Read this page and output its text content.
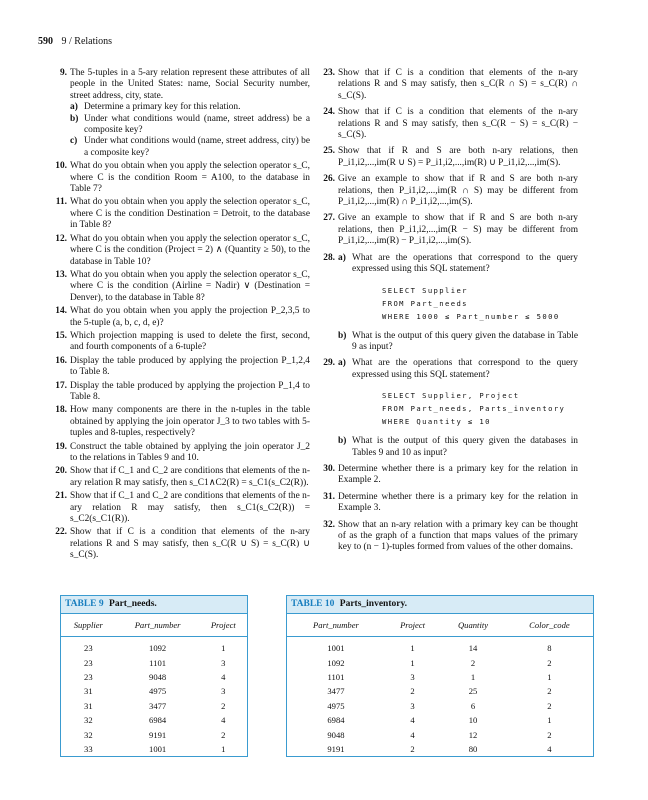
590 9 / Relations
9. The 5-tuples in a 5-ary relation represent these attributes of all people in the United States: name, Social Security number, street address, city, state.
a) Determine a primary key for this relation.
b) Under what conditions would (name, street address) be a composite key?
c) Under what conditions would (name, street address, city) be a composite key?
10. What do you obtain when you apply the selection operator s_C, where C is the condition Room = A100, to the database in Table 7?
11. What do you obtain when you apply the selection operator s_C, where C is the condition Destination = Detroit, to the database in Table 8?
12. What do you obtain when you apply the selection operator s_C, where C is the condition (Project = 2) ∧ (Quantity ≥ 50), to the database in Table 10?
13. What do you obtain when you apply the selection operator s_C, where C is the condition (Airline = Nadir) ∨ (Destination = Denver), to the database in Table 8?
14. What do you obtain when you apply the projection P_2,3,5 to the 5-tuple (a, b, c, d, e)?
15. Which projection mapping is used to delete the first, second, and fourth components of a 6-tuple?
16. Display the table produced by applying the projection P_1,2,4 to Table 8.
17. Display the table produced by applying the projection P_1,4 to Table 8.
18. How many components are there in the n-tuples in the table obtained by applying the join operator J_3 to two tables with 5-tuples and 8-tuples, respectively?
19. Construct the table obtained by applying the join operator J_2 to the relations in Tables 9 and 10.
20. Show that if C_1 and C_2 are conditions that elements of the n-ary relation R may satisfy, then s_C1∧C2(R) = s_C1(s_C2(R)).
21. Show that if C_1 and C_2 are conditions that elements of the n-ary relation R may satisfy, then s_C1(s_C2(R)) = s_C2(s_C1(R)).
22. Show that if C is a condition that elements of the n-ary relations R and S may satisfy, then s_C(R ∪ S) = s_C(R) ∪ s_C(S).
23. Show that if C is a condition that elements of the n-ary relations R and S may satisfy, then s_C(R ∩ S) = s_C(R) ∩ s_C(S).
24. Show that if C is a condition that elements of the n-ary relations R and S may satisfy, then s_C(R − S) = s_C(R) − s_C(S).
25. Show that if R and S are both n-ary relations, then P_i1,i2,...,im(R ∪ S) = P_i1,i2,...,im(R) ∪ P_i1,i2,...,im(S).
26. Give an example to show that if R and S are both n-ary relations, then P_i1,i2,...,im(R ∩ S) may be different from P_i1,i2,...,im(R) ∩ P_i1,i2,...,im(S).
27. Give an example to show that if R and S are both n-ary relations, then P_i1,i2,...,im(R − S) may be different from P_i1,i2,...,im(R) − P_i1,i2,...,im(S).
28. a) What are the operations that correspond to the query expressed using this SQL statement?
SELECT Supplier
FROM Part_needs
WHERE 1000 ≤ Part_number ≤ 5000
b) What is the output of this query given the database in Table 9 as input?
29. a) What are the operations that correspond to the query expressed using this SQL statement?
SELECT Supplier, Project
FROM Part_needs, Parts_inventory
WHERE Quantity ≤ 10
b) What is the output of this query given the databases in Tables 9 and 10 as input?
30. Determine whether there is a primary key for the relation in Example 2.
31. Determine whether there is a primary key for the relation in Example 3.
32. Show that an n-ary relation with a primary key can be thought of as the graph of a function that maps values of the primary key to (n − 1)-tuples formed from values of the other domains.
TABLE 9 Part_needs.
Supplier	Part_number	Project
23	1092	1
23	1101	3
23	9048	4
31	4975	3
31	3477	2
32	6984	4
32	9191	2
33	1001	1
TABLE 10 Parts_inventory.
Part_number	Project	Quantity	Color_code
1001	1	14	8
1092	1	2	2
1101	3	1	1
3477	2	25	2
4975	3	6	2
6984	4	10	1
9048	4	12	2
9191	2	80	4
